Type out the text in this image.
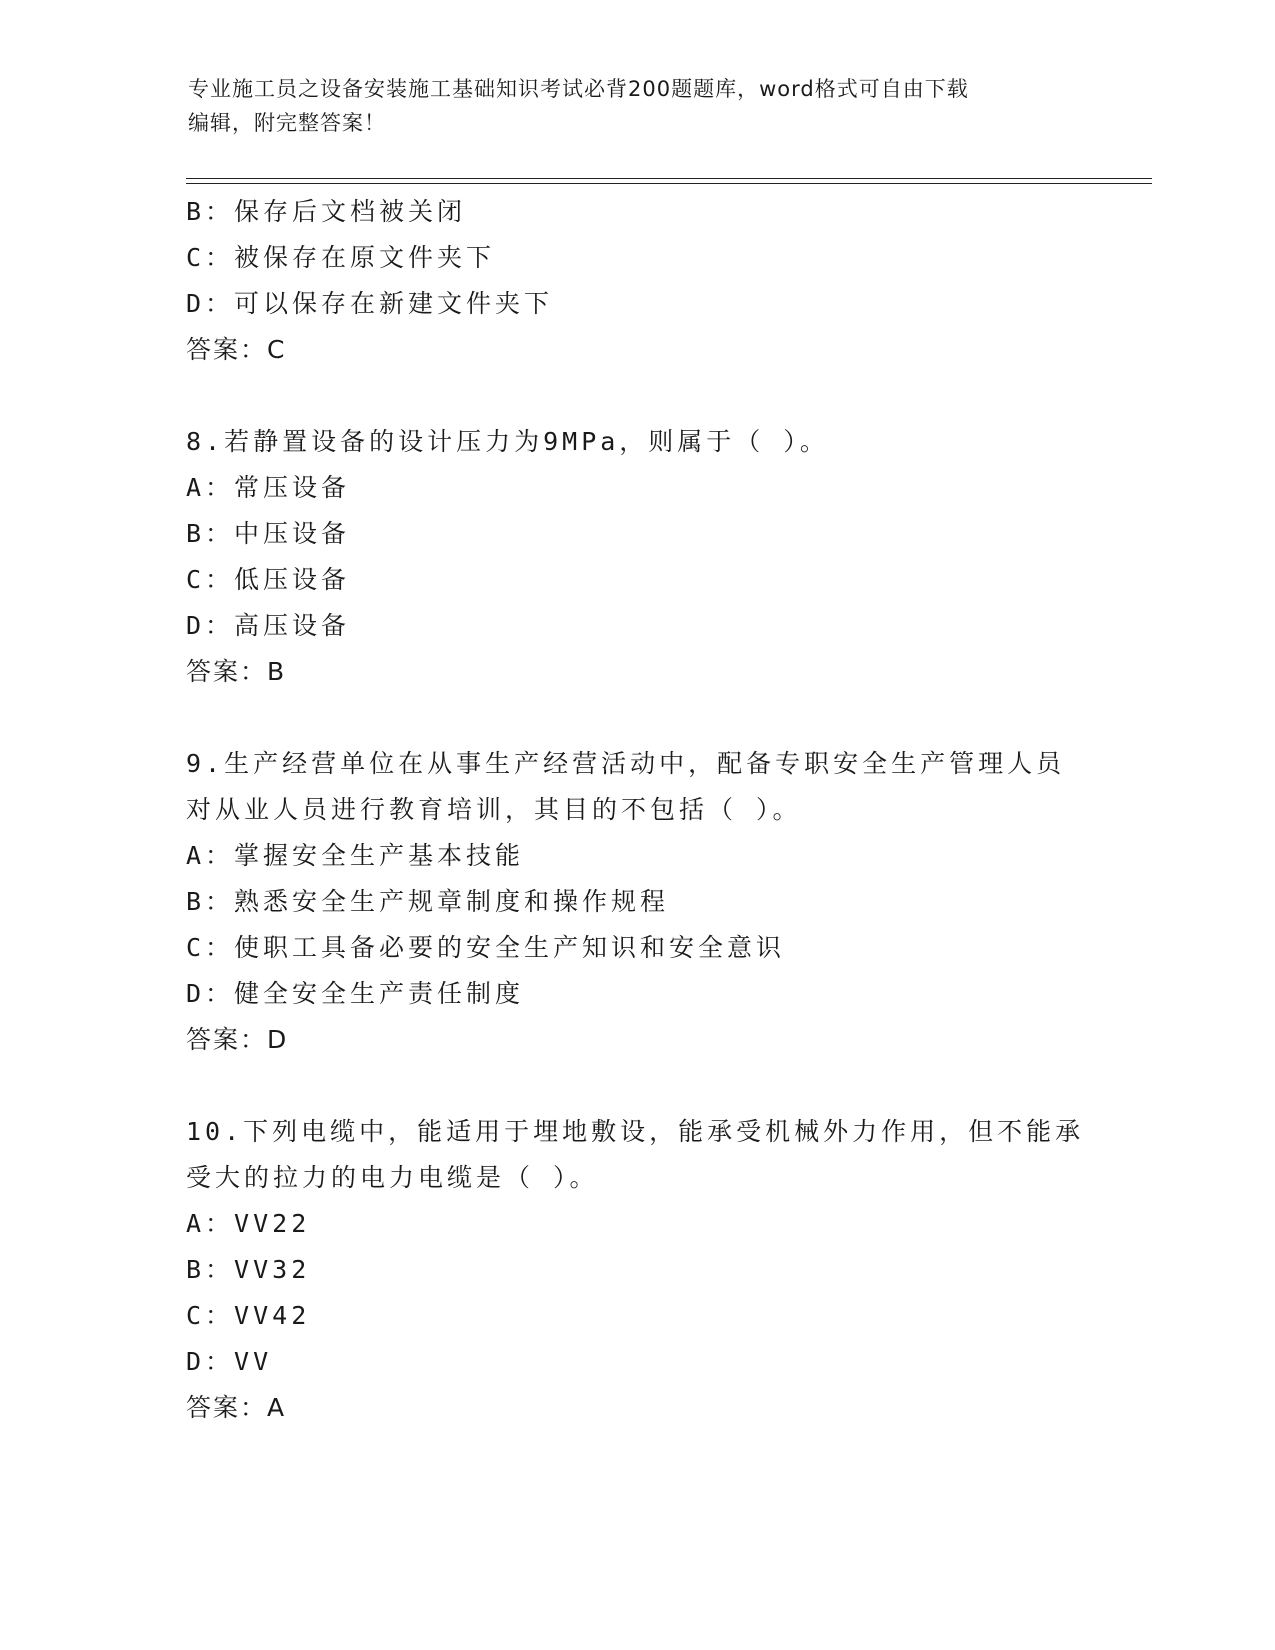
专业施工员之设备安装施工基础知识考试必背200题题库，word格式可自由下载
编辑，附完整答案！
B：保存后文档被关闭
C：被保存在原文件夹下
D：可以保存在新建文件夹下
答案：C
8.若静置设备的设计压力为9MPa，则属于（ ）。
A：常压设备
B：中压设备
C：低压设备
D：高压设备
答案：B
9.生产经营单位在从事生产经营活动中，配备专职安全生产管理人员
对从业人员进行教育培训，其目的不包括（ ）。
A：掌握安全生产基本技能
B：熟悉安全生产规章制度和操作规程
C：使职工具备必要的安全生产知识和安全意识
D：健全安全生产责任制度
答案：D
10.下列电缆中，能适用于埋地敷设，能承受机械外力作用，但不能承
受大的拉力的电力电缆是（ ）。
A：VV22
B：VV32
C：VV42
D：VV
答案：A
